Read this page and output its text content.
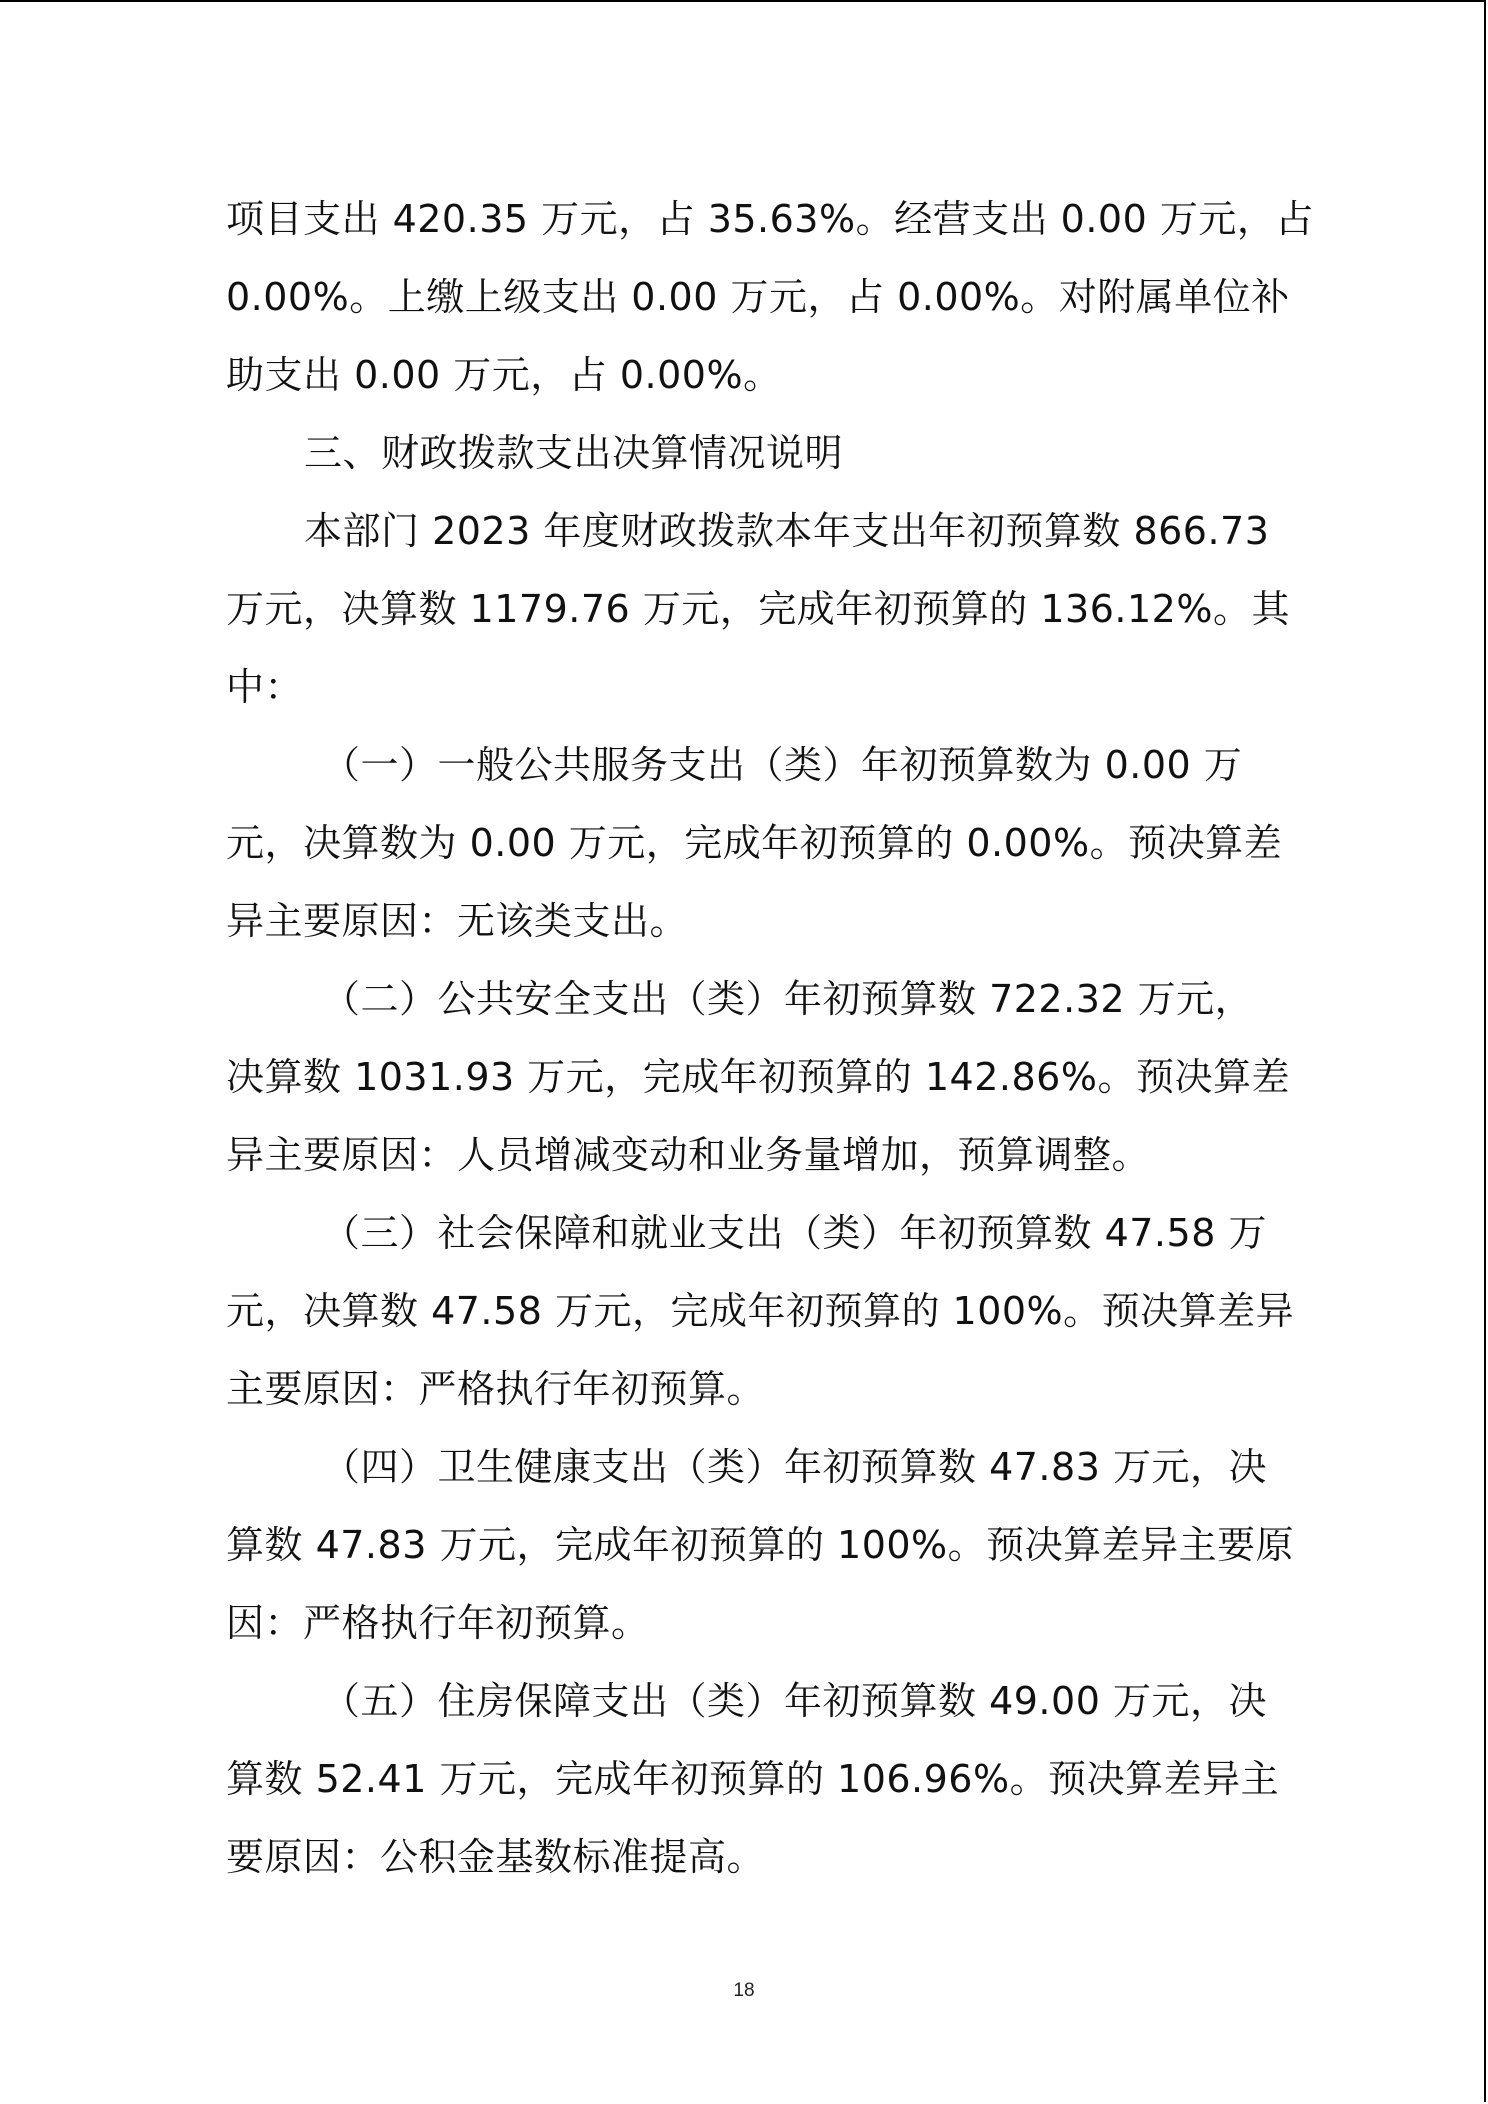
项目支出 420.35 万元，占 35.63%。经营支出 0.00 万元，占
0.00%。上缴上级支出 0.00 万元，占 0.00%。对附属单位补
助支出 0.00 万元，占 0.00%。
三、财政拨款支出决算情况说明
本部门 2023 年度财政拨款本年支出年初预算数 866.73
万元，决算数 1179.76 万元，完成年初预算的 136.12%。其
中：
（一）一般公共服务支出（类）年初预算数为 0.00 万
元，决算数为 0.00 万元，完成年初预算的 0.00%。预决算差
异主要原因：无该类支出。
（二）公共安全支出（类）年初预算数 722.32 万元，
决算数 1031.93 万元，完成年初预算的 142.86%。预决算差
异主要原因：人员增减变动和业务量增加，预算调整。
（三）社会保障和就业支出（类）年初预算数 47.58 万
元，决算数 47.58 万元，完成年初预算的 100%。预决算差异
主要原因：严格执行年初预算。
（四）卫生健康支出（类）年初预算数 47.83 万元，决
算数 47.83 万元，完成年初预算的 100%。预决算差异主要原
因：严格执行年初预算。
（五）住房保障支出（类）年初预算数 49.00 万元，决
算数 52.41 万元，完成年初预算的 106.96%。预决算差异主
要原因：公积金基数标准提高。
18
